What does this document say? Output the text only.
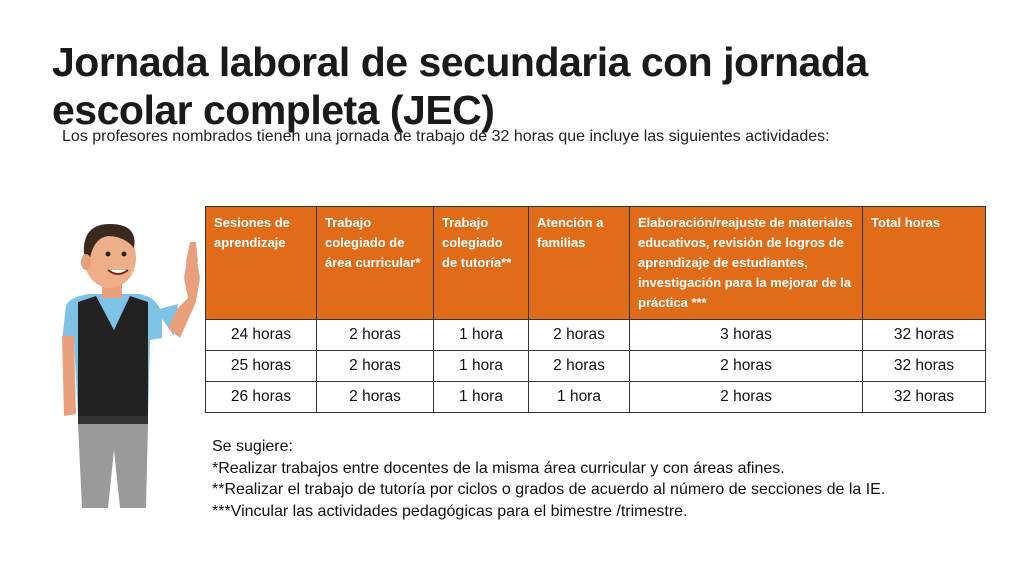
Jornada laboral de secundaria con jornada escolar completa (JEC)
Los profesores nombrados tienen una jornada de trabajo de 32 horas que incluye las siguientes actividades:
Sesiones de aprendizaje	Trabajo colegiado de área curricular*	Trabajo colegiado de tutoría**	Atención a familias	Elaboración/reajuste de materiales educativos, revisión de logros de aprendizaje de estudiantes, investigación para la mejorar de la práctica ***	Total horas
24 horas	2 horas	1 hora	2 horas	3 horas	32 horas
25 horas	2 horas	1 hora	2 horas	2 horas	32 horas
26 horas	2 horas	1 hora	1 hora	2 horas	32 horas
Se sugiere:
*Realizar trabajos entre docentes de la misma área curricular y con áreas afines.
**Realizar el trabajo de tutoría por ciclos o grados de acuerdo al número de secciones de la IE.
***Vincular las actividades pedagógicas para el bimestre /trimestre.
